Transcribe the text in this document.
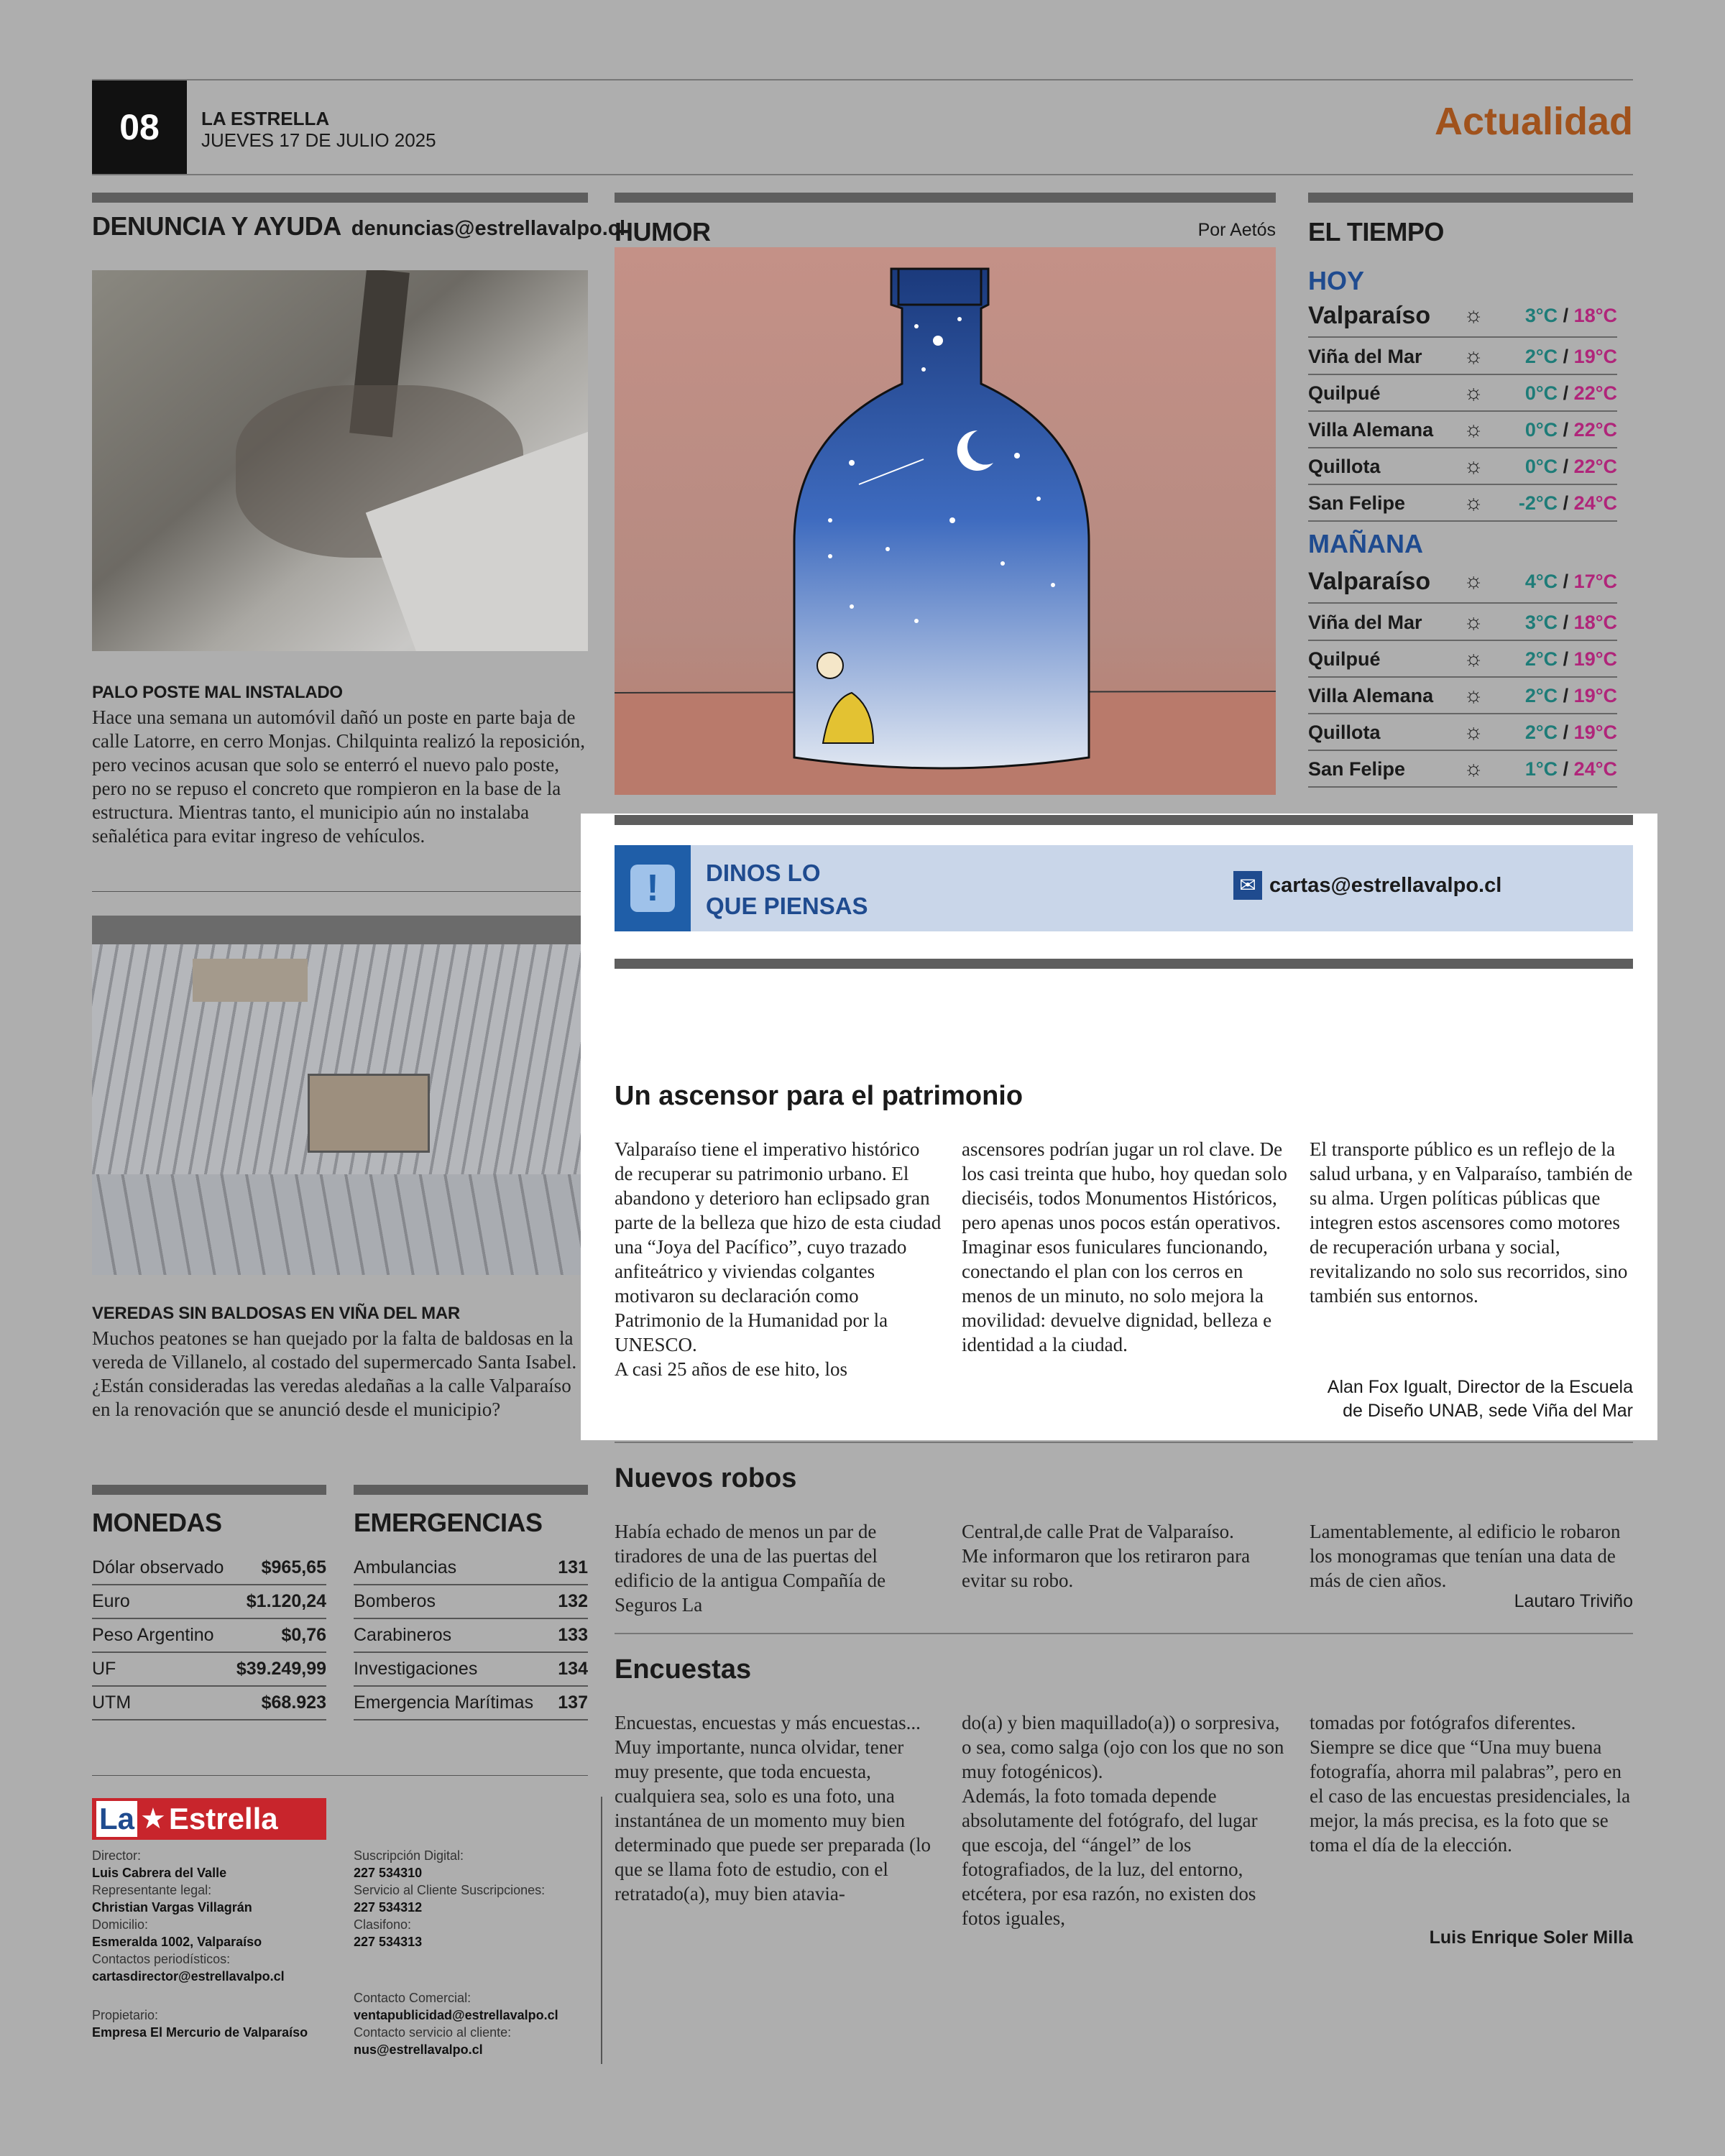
08	LA ESTRELLA
JUEVES 17 DE JULIO 2025	Actualidad
DENUNCIA Y AYUDA denuncias@estrellavalpo.cl
PALO POSTE MAL INSTALADO
Hace una semana un automóvil dañó un poste en parte baja de calle Latorre, en cerro Monjas. Chilquinta realizó la reposición, pero vecinos acusan que solo se enterró el nuevo palo poste, pero no se repuso el concreto que rompieron en la base de la estructura. Mientras tanto, el municipio aún no instalaba señalética para evitar ingreso de vehículos.
VEREDAS SIN BALDOSAS EN VIÑA DEL MAR
Muchos peatones se han quejado por la falta de baldosas en la vereda de Villanelo, al costado del supermercado Santa Isabel. ¿Están consideradas las veredas aledañas a la calle Valparaíso en la renovación que se anunció desde el municipio?
MONEDAS
Dólar observado	$965,65
Euro	$1.120,24
Peso Argentino	$0,76
UF	$39.249,99
UTM	$68.923
EMERGENCIAS
Ambulancias	131
Bomberos	132
Carabineros	133
Investigaciones	134
Emergencia Marítimas	137
La ★ Estrella
Director:
Luis Cabrera del Valle
Representante legal:
Christian Vargas Villagrán
Domicilio:
Esmeralda 1002, Valparaíso
Contactos periodísticos:
cartasdirector@estrellavalpo.cl
Propietario:
Empresa El Mercurio de Valparaíso
Suscripción Digital:
227 534310
Servicio al Cliente Suscripciones:
227 534312
Clasifono:
227 534313
Contacto Comercial:
ventapublicidad@estrellavalpo.cl
Contacto servicio al cliente:
nus@estrellavalpo.cl
HUMOR	Por Aetós EL TIEMPO
HOY
MAÑANA
Valparaíso	☼	3°C / 18°C
Viña del Mar	☼	2°C / 19°C
Quilpué	☼	0°C / 22°C
Villa Alemana	☼	0°C / 22°C
Quillota	☼	0°C / 22°C
San Felipe	☼	-2°C / 24°C
Valparaíso	☼	4°C / 17°C
Viña del Mar	☼	3°C / 18°C
Quilpué	☼	2°C / 19°C
Villa Alemana	☼	2°C / 19°C
Quillota	☼	2°C / 19°C
San Felipe	☼	1°C / 24°C
!	DINOS LO
QUE PIENSAS
✉ cartas@estrellavalpo.cl
Un ascensor para el patrimonio
Valparaíso tiene el imperativo histórico de recuperar su patrimonio urbano. El abandono y deterioro han eclipsado gran parte de la belleza que hizo de esta ciudad una “Joya del Pacífico”, cuyo trazado anfiteátrico y viviendas colgantes motivaron su declaración como Patrimonio de la Humanidad por la UNESCO.
A casi 25 años de ese hito, los
ascensores podrían jugar un rol clave. De los casi treinta que hubo, hoy quedan solo dieciséis, todos Monumentos Históricos, pero apenas unos pocos están operativos.
Imaginar esos funiculares funcionando, conectando el plan con los cerros en menos de un minuto, no solo mejora la movilidad: devuelve dignidad, belleza e identidad a la ciudad.
El transporte público es un reflejo de la salud urbana, y en Valparaíso, también de su alma. Urgen políticas públicas que integren estos ascensores como motores de recuperación urbana y social, revitalizando no solo sus recorridos, sino también sus entornos.
Alan Fox Igualt, Director de la Escuela de Diseño UNAB, sede Viña del Mar
Nuevos robos
Había echado de menos un par de tiradores de una de las puertas del edificio de la antigua Compañía de Seguros La
Central,de calle Prat de Valparaíso.
Me informaron que los retiraron para evitar su robo.
Lamentablemente, al edificio le robaron los monogramas que tenían una data de más de cien años.
Lautaro Triviño
Encuestas
Encuestas, encuestas y más encuestas...
Muy importante, nunca olvidar, tener muy presente, que toda encuesta, cualquiera sea, solo es una foto, una instantánea de un momento muy bien determinado que puede ser preparada (lo que se llama foto de estudio, con el retratado(a), muy bien atavia-
do(a) y bien maquillado(a)) o sorpresiva, o sea, como salga (ojo con los que no son muy fotogénicos).
Además, la foto tomada depende absolutamente del fotógrafo, del lugar que escoja, del “ángel” de los fotografiados, de la luz, del entorno, etcétera, por esa razón, no existen dos fotos iguales,
tomadas por fotógrafos diferentes.
Siempre se dice que “Una muy buena fotografía, ahorra mil palabras”, pero en el caso de las encuestas presidenciales, la mejor, la más precisa, es la foto que se toma el día de la elección.
Luis Enrique Soler Milla
